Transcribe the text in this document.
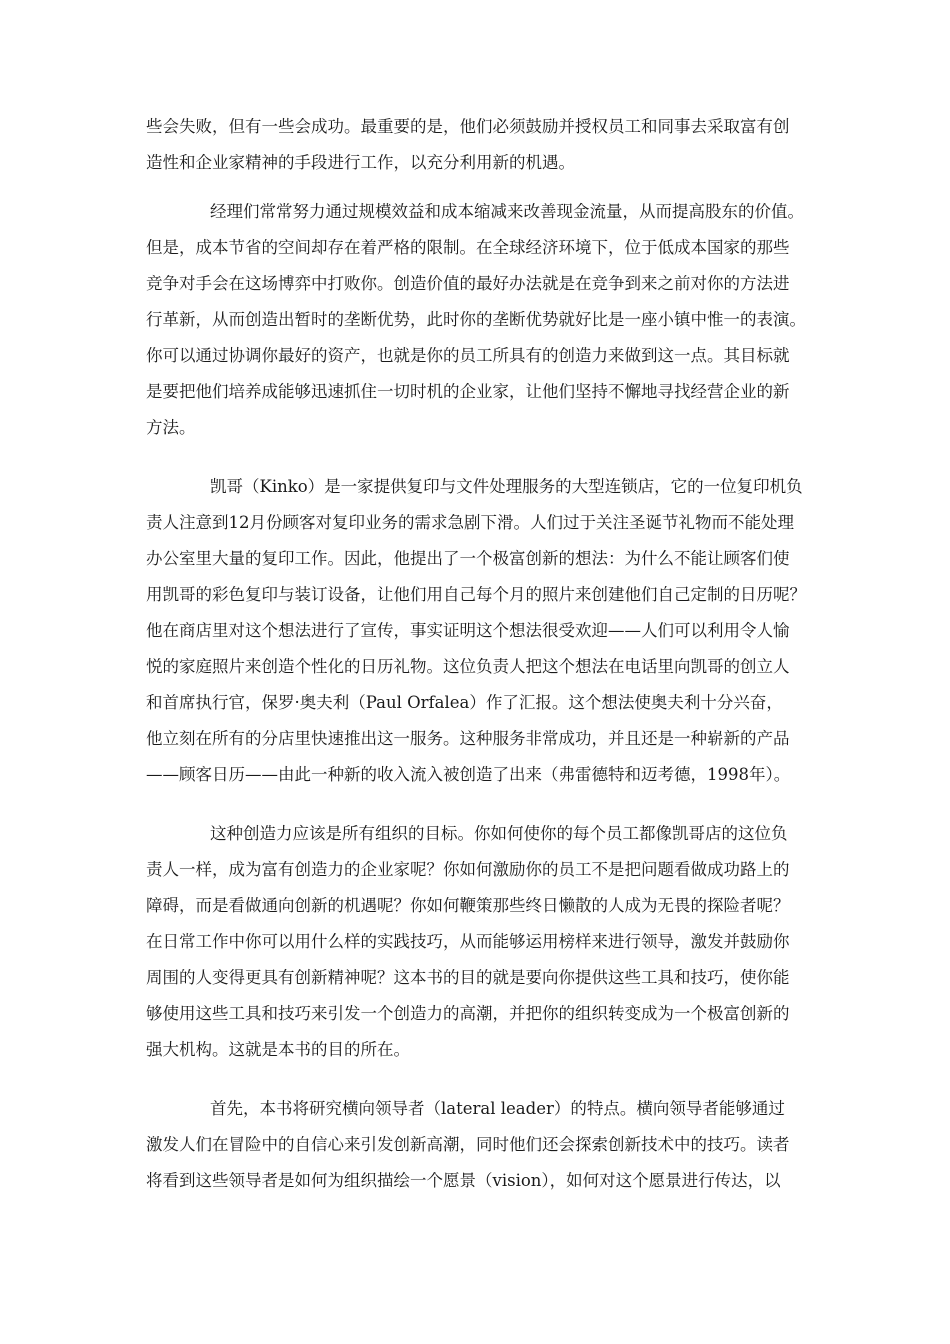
些会失败，但有一些会成功。最重要的是，他们必须鼓励并授权员工和同事去采取富有创
造性和企业家精神的手段进行工作，以充分利用新的机遇。
经理们常常努力通过规模效益和成本缩减来改善现金流量，从而提高股东的价值。
但是，成本节省的空间却存在着严格的限制。在全球经济环境下，位于低成本国家的那些
竞争对手会在这场博弈中打败你。创造价值的最好办法就是在竞争到来之前对你的方法进
行革新，从而创造出暂时的垄断优势，此时你的垄断优势就好比是一座小镇中惟一的表演。
你可以通过协调你最好的资产，也就是你的员工所具有的创造力来做到这一点。其目标就
是要把他们培养成能够迅速抓住一切时机的企业家，让他们坚持不懈地寻找经营企业的新
方法。
凯哥（Kinko）是一家提供复印与文件处理服务的大型连锁店，它的一位复印机负
责人注意到12月份顾客对复印业务的需求急剧下滑。人们过于关注圣诞节礼物而不能处理
办公室里大量的复印工作。因此，他提出了一个极富创新的想法：为什么不能让顾客们使
用凯哥的彩色复印与装订设备，让他们用自己每个月的照片来创建他们自己定制的日历呢？
他在商店里对这个想法进行了宣传，事实证明这个想法很受欢迎——人们可以利用令人愉
悦的家庭照片来创造个性化的日历礼物。这位负责人把这个想法在电话里向凯哥的创立人
和首席执行官，保罗·奥夫利（Paul Orfalea）作了汇报。这个想法使奥夫利十分兴奋，
他立刻在所有的分店里快速推出这一服务。这种服务非常成功，并且还是一种崭新的产品
——顾客日历——由此一种新的收入流入被创造了出来（弗雷德特和迈考德，1998年）。
这种创造力应该是所有组织的目标。你如何使你的每个员工都像凯哥店的这位负
责人一样，成为富有创造力的企业家呢？你如何激励你的员工不是把问题看做成功路上的
障碍，而是看做通向创新的机遇呢？你如何鞭策那些终日懒散的人成为无畏的探险者呢？
在日常工作中你可以用什么样的实践技巧，从而能够运用榜样来进行领导，激发并鼓励你
周围的人变得更具有创新精神呢？这本书的目的就是要向你提供这些工具和技巧，使你能
够使用这些工具和技巧来引发一个创造力的高潮，并把你的组织转变成为一个极富创新的
强大机构。这就是本书的目的所在。
首先，本书将研究横向领导者（lateral leader）的特点。横向领导者能够通过
激发人们在冒险中的自信心来引发创新高潮，同时他们还会探索创新技术中的技巧。读者
将看到这些领导者是如何为组织描绘一个愿景（vision），如何对这个愿景进行传达，以
